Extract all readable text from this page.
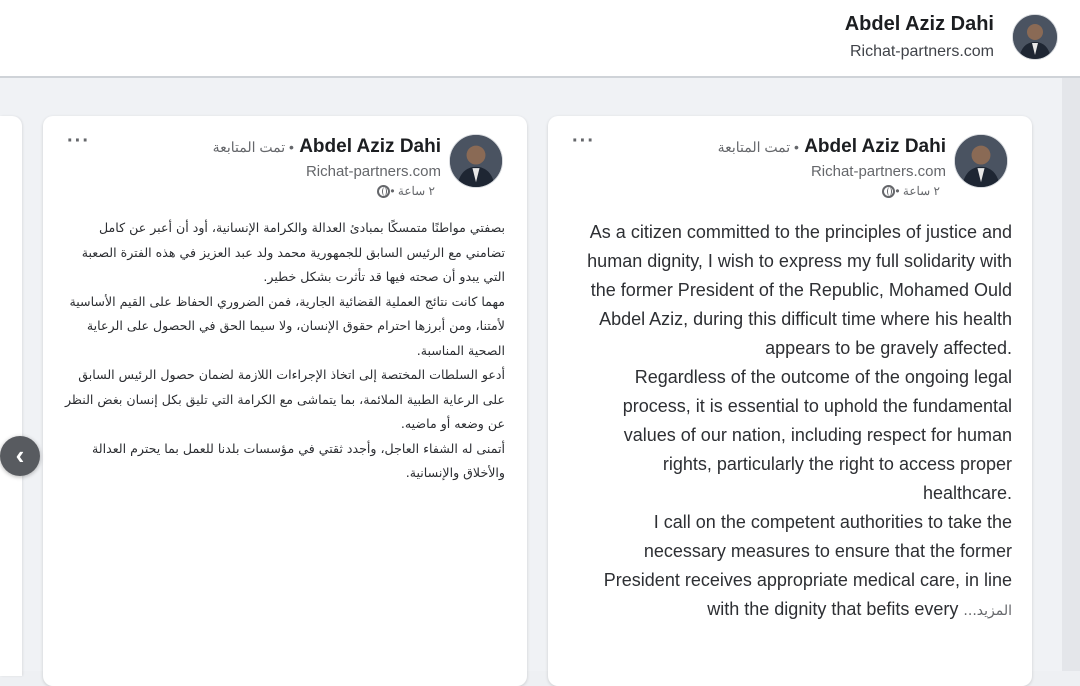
Abdel Aziz Dahi
Richat-partners.com
···	Abdel Aziz Dahi • تمت المتابعة
Richat-partners.com
٢ ساعة •

بصفتي مواطنًا متمسكًا بمبادئ العدالة والكرامة الإنسانية، أود أن أعبر عن كامل تضامني مع الرئيس السابق للجمهورية محمد ولد عبد العزيز في هذه الفترة الصعبة التي يبدو أن صحته فيها قد تأثرت بشكل خطير.

مهما كانت نتائج العملية القضائية الجارية، فمن الضروري الحفاظ على القيم الأساسية لأمتنا، ومن أبرزها احترام حقوق الإنسان، ولا سيما الحق في الحصول على الرعاية الصحية المناسبة.

أدعو السلطات المختصة إلى اتخاذ الإجراءات اللازمة لضمان حصول الرئيس السابق على الرعاية الطبية الملائمة، بما يتماشى مع الكرامة التي تليق بكل إنسان بغض النظر عن وضعه أو ماضيه.

أتمنى له الشفاء العاجل، وأجدد ثقتي في مؤسسات بلدنا للعمل بما يحترم العدالة والأخلاق والإنسانية.

···	Abdel Aziz Dahi • تمت المتابعة
Richat-partners.com
٢ ساعة •

As a citizen committed to the principles of justice and human dignity, I wish to express my full solidarity with the former President of the Republic, Mohamed Ould Abdel Aziz, during this difficult time where his health appears to be gravely affected.

Regardless of the outcome of the ongoing legal process, it is essential to uphold the fundamental values of our nation, including respect for human rights, particularly the right to access proper healthcare.

I call on the competent authorities to take the necessary measures to ensure that the former President receives appropriate medical care, in line with the dignity that befits every ...المزيد

‹
